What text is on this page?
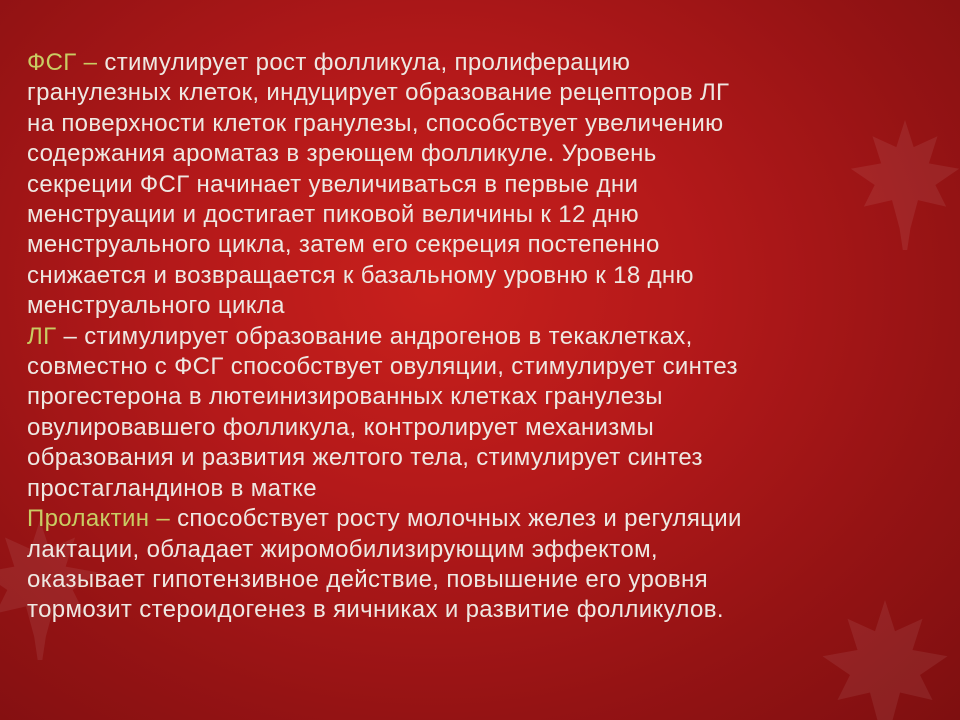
ФСГ – стимулирует рост фолликула, пролиферацию
гранулезных клеток, индуцирует образование рецепторов ЛГ
на поверхности клеток гранулезы, способствует увеличению
содержания ароматаз в зреющем фолликуле. Уровень
секреции ФСГ начинает увеличиваться в первые дни
менструации и достигает пиковой величины к 12 дню
менструального цикла, затем его секреция постепенно
снижается и возвращается к базальному уровню к 18 дню
менструального цикла

ЛГ – стимулирует образование андрогенов в текаклетках,
совместно с ФСГ способствует овуляции, стимулирует синтез
прогестерона в лютеинизированных клетках гранулезы
овулировавшего фолликула, контролирует механизмы
образования и развития желтого тела, стимулирует синтез
простагландинов в матке

Пролактин – способствует росту молочных желез и регуляции
лактации, обладает жиромобилизирующим эффектом,
оказывает гипотензивное действие, повышение его уровня
тормозит стероидогенез в яичниках и развитие фолликулов.
